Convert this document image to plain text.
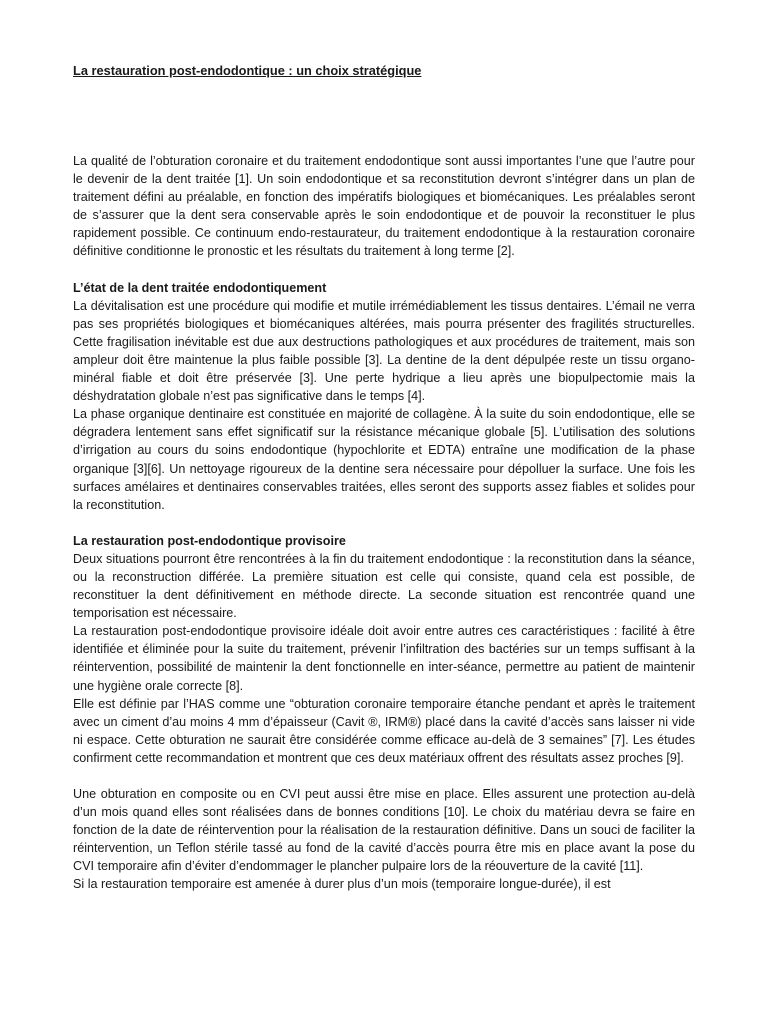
La restauration post-endodontique : un choix stratégique

La qualité de l’obturation coronaire et du traitement endodontique sont aussi importantes l’une que l’autre pour le devenir de la dent traitée [1]. Un soin endodontique et sa reconstitution devront s’intégrer dans un plan de traitement défini au préalable, en fonction des impératifs biologiques et biomécaniques. Les préalables seront de s’assurer que la dent sera conservable après le soin endodontique et de pouvoir la reconstituer le plus rapidement possible. Ce continuum endo-restaurateur, du traitement endodontique à la restauration coronaire définitive conditionne le pronostic et les résultats du traitement à long terme [2].

L’état de la dent traitée endodontiquement

La dévitalisation est une procédure qui modifie et mutile irrémédiablement les tissus dentaires. L’émail ne verra pas ses propriétés biologiques et biomécaniques altérées, mais pourra présenter des fragilités structurelles. Cette fragilisation inévitable est due aux destructions pathologiques et aux procédures de traitement, mais son ampleur doit être maintenue la plus faible possible [3]. La dentine de la dent dépulpée reste un tissu organo-minéral fiable et doit être préservée [3]. Une perte hydrique a lieu après une biopulpectomie mais la déshydratation globale n’est pas significative dans le temps [4].

La phase organique dentinaire est constituée en majorité de collagène. À la suite du soin endodontique, elle se dégradera lentement sans effet significatif sur la résistance mécanique globale [5]. L’utilisation des solutions d’irrigation au cours du soins endodontique (hypochlorite et EDTA) entraîne une modification de la phase organique [3][6]. Un nettoyage rigoureux de la dentine sera nécessaire pour dépolluer la surface. Une fois les surfaces amélaires et dentinaires conservables traitées, elles seront des supports assez fiables et solides pour la reconstitution.

La restauration post-endodontique provisoire

Deux situations pourront être rencontrées à la fin du traitement endodontique : la reconstitution dans la séance, ou la reconstruction différée. La première situation est celle qui consiste, quand cela est possible, de reconstituer la dent définitivement en méthode directe. La seconde situation est rencontrée quand une temporisation est nécessaire.

La restauration post-endodontique provisoire idéale doit avoir entre autres ces caractéristiques : facilité à être identifiée et éliminée pour la suite du traitement, prévenir l’infiltration des bactéries sur un temps suffisant à la réintervention, possibilité de maintenir la dent fonctionnelle en inter-séance, permettre au patient de maintenir une hygiène orale correcte [8].

Elle est définie par l’HAS comme une “obturation coronaire temporaire étanche pendant et après le traitement avec un ciment d’au moins 4 mm d’épaisseur (Cavit ®, IRM®) placé dans la cavité d’accès sans laisser ni vide ni espace. Cette obturation ne saurait être considérée comme efficace au-delà de 3 semaines” [7]. Les études confirment cette recommandation et montrent que ces deux matériaux offrent des résultats assez proches [9].

Une obturation en composite ou en CVI peut aussi être mise en place. Elles assurent une protection au-delà d’un mois quand elles sont réalisées dans de bonnes conditions [10]. Le choix du matériau devra se faire en fonction de la date de réintervention pour la réalisation de la restauration définitive. Dans un souci de faciliter la réintervention, un Teflon stérile tassé au fond de la cavité d’accès pourra être mis en place avant la pose du CVI temporaire afin d’éviter d’endommager le plancher pulpaire lors de la réouverture de la cavité [11].

Si la restauration temporaire est amenée à durer plus d’un mois (temporaire longue-durée), il est
